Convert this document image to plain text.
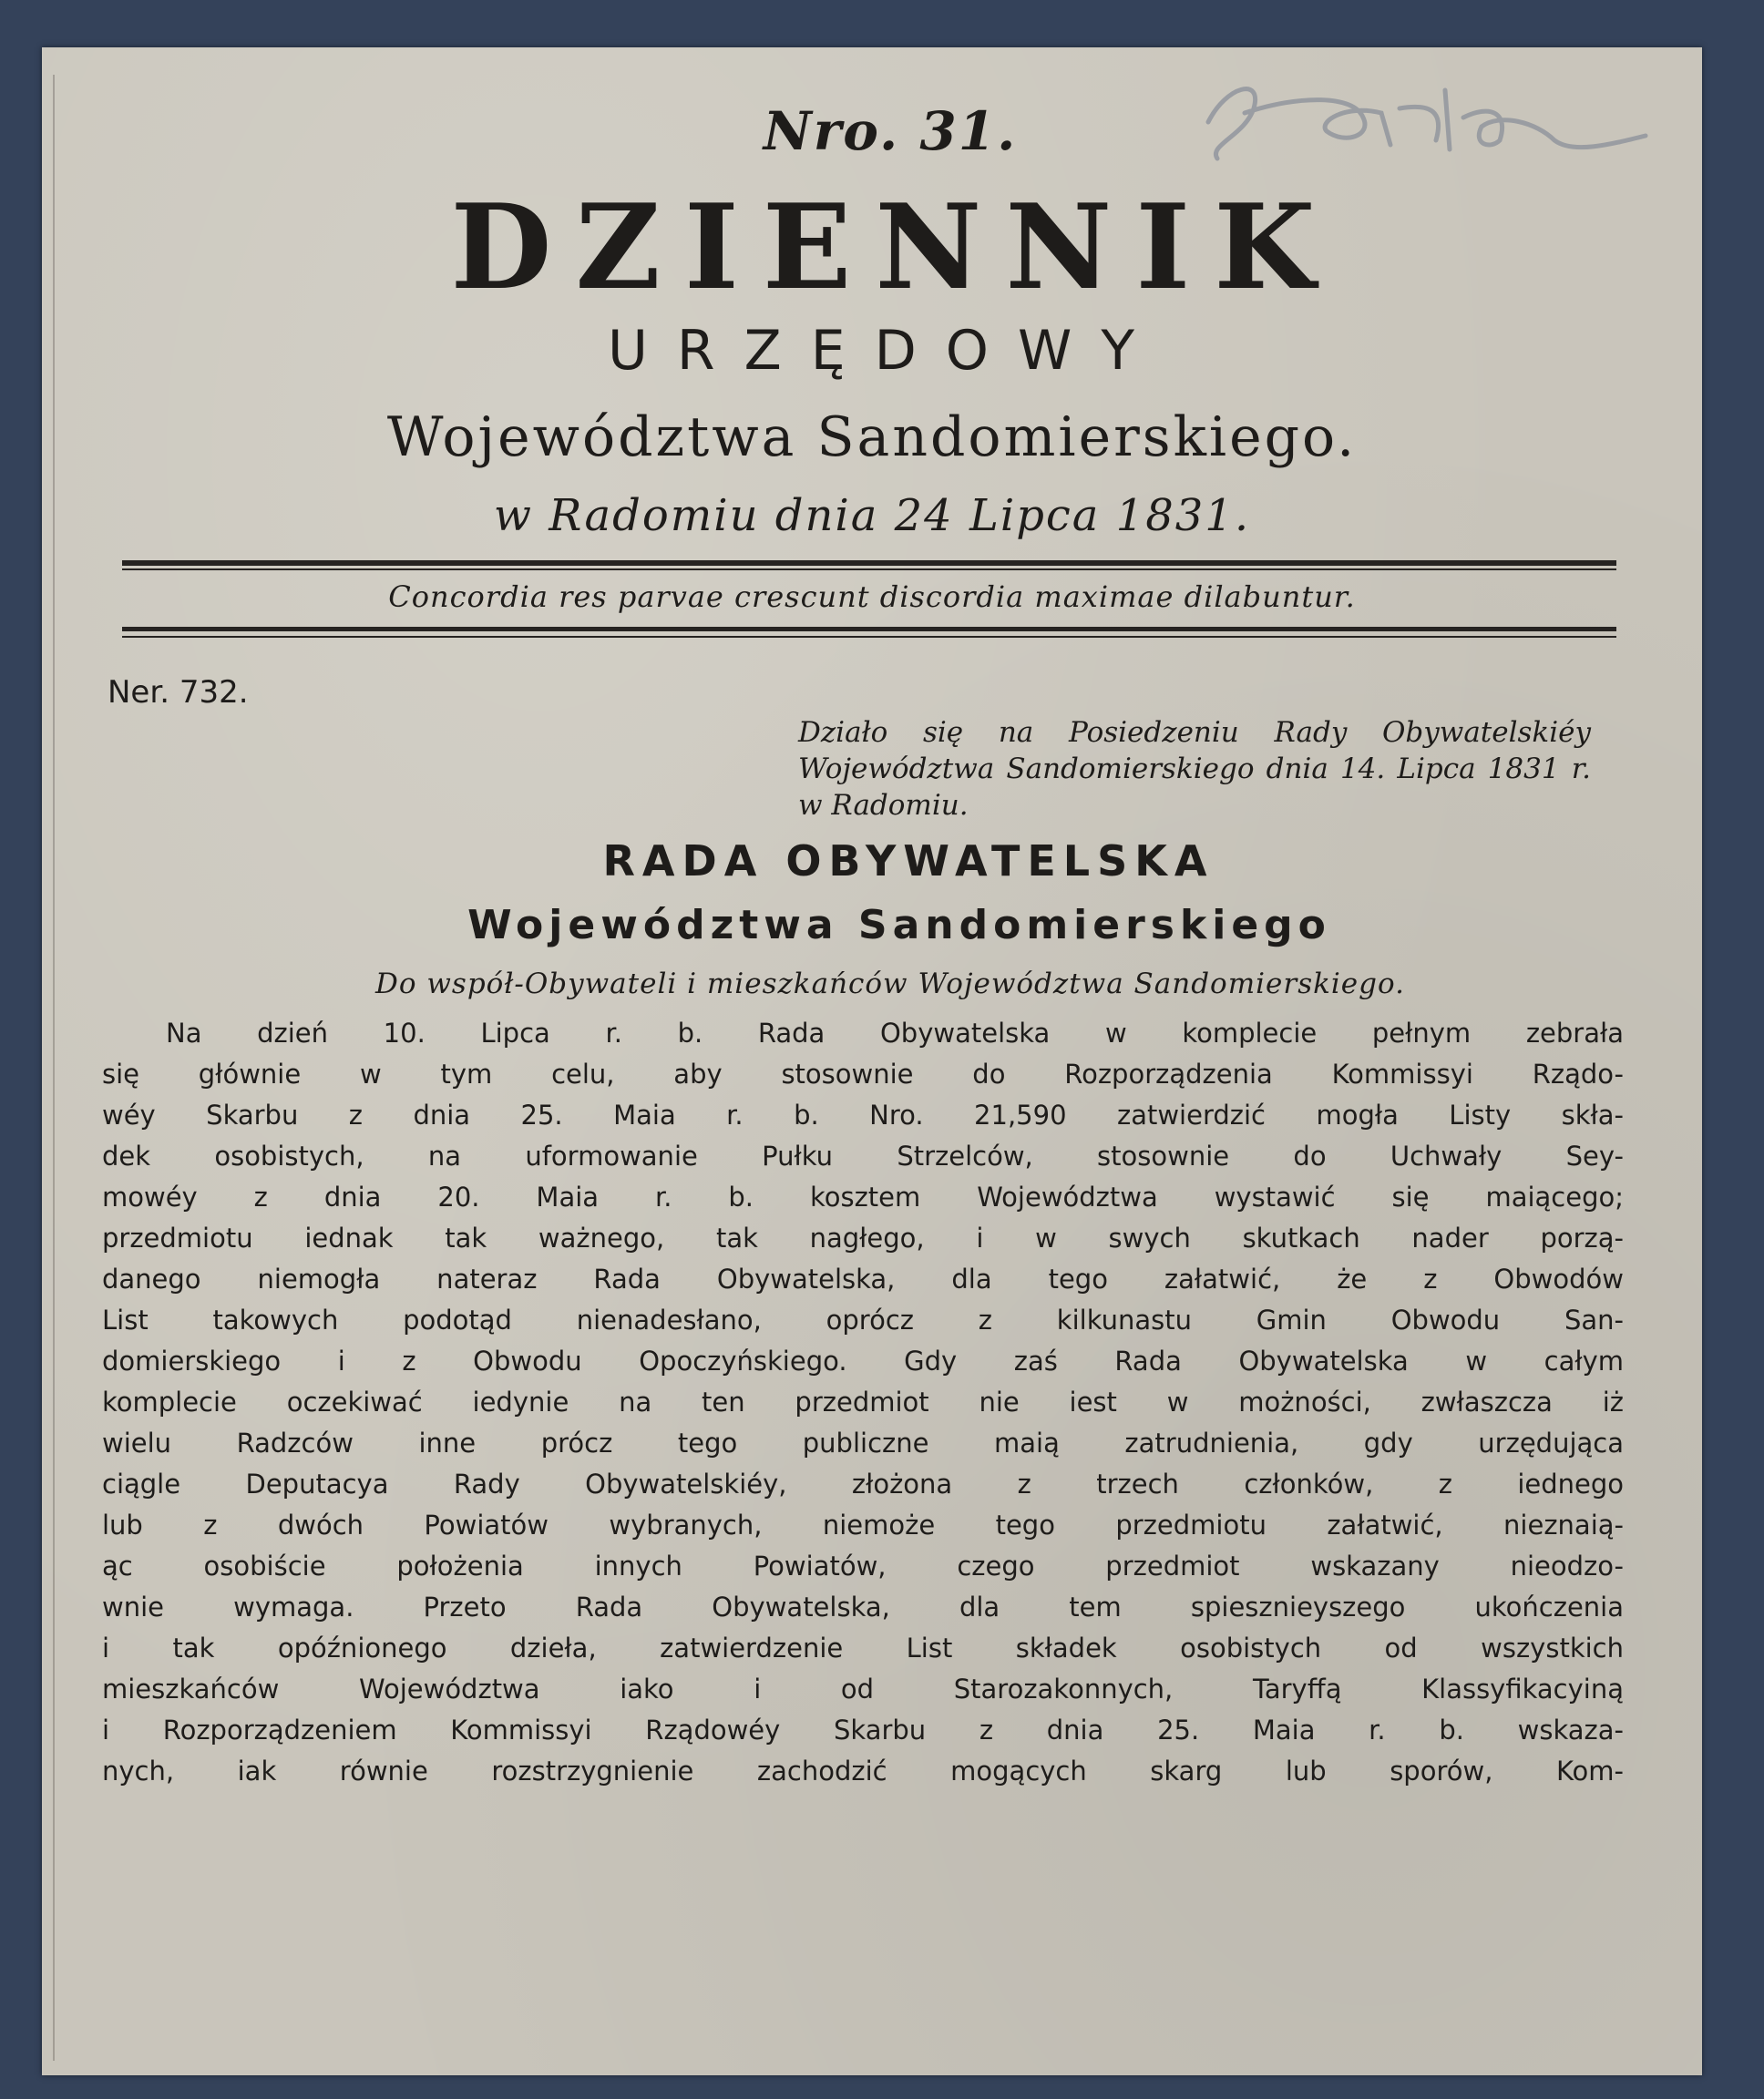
Nro. 31.
DZIENNIK
URZĘDOWY
Województwa Sandomierskiego.
w Radomiu dnia 24 Lipca 1831.
Concordia res parvae crescunt discordia maximae dilabuntur.
Ner. 732.
Działo się na Posiedzeniu Rady Obywatelskiéy Województwa Sandomierskiego dnia 14. Lipca 1831 r. w Radomiu.
RADA OBYWATELSKA
Województwa Sandomierskiego
Do współ-Obywateli i mieszkańców Województwa Sandomierskiego.
Na dzień 10. Lipca r. b. Rada Obywatelska w komplecie pełnym zebrała
się głównie w tym celu, aby stosownie do Rozporządzenia Kommissyi Rządo-
wéy Skarbu z dnia 25. Maia r. b. Nro. 21,590 zatwierdzić mogła Listy skła-
dek osobistych, na uformowanie Pułku Strzelców, stosownie do Uchwały Sey-
mowéy z dnia 20. Maia r. b. kosztem Województwa wystawić się maiącego;
przedmiotu iednak tak ważnego, tak nagłego, i w swych skutkach nader porzą-
danego niemogła nateraz Rada Obywatelska, dla tego załatwić, że z Obwodów
List takowych podotąd nienadesłano, oprócz z kilkunastu Gmin Obwodu San-
domierskiego i z Obwodu Opoczyńskiego. Gdy zaś Rada Obywatelska w całym
komplecie oczekiwać iedynie na ten przedmiot nie iest w możności, zwłaszcza iż
wielu Radzców inne prócz tego publiczne maią zatrudnienia, gdy urzędująca
ciągle Deputacya Rady Obywatelskiéy, złożona z trzech członków, z iednego
lub z dwóch Powiatów wybranych, niemoże tego przedmiotu załatwić, nieznaią-
ąc osobiście położenia innych Powiatów, czego przedmiot wskazany nieodzo-
wnie wymaga. Przeto Rada Obywatelska, dla tem spiesznieyszego ukończenia
i tak opóźnionego dzieła, zatwierdzenie List składek osobistych od wszystkich
mieszkańców Województwa iako i od Starozakonnych, Taryffą Klassyfikacyiną
i Rozporządzeniem Kommissyi Rządowéy Skarbu z dnia 25. Maia r. b. wskaza-
nych, iak równie rozstrzygnienie zachodzić mogących skarg lub sporów, Kom-
